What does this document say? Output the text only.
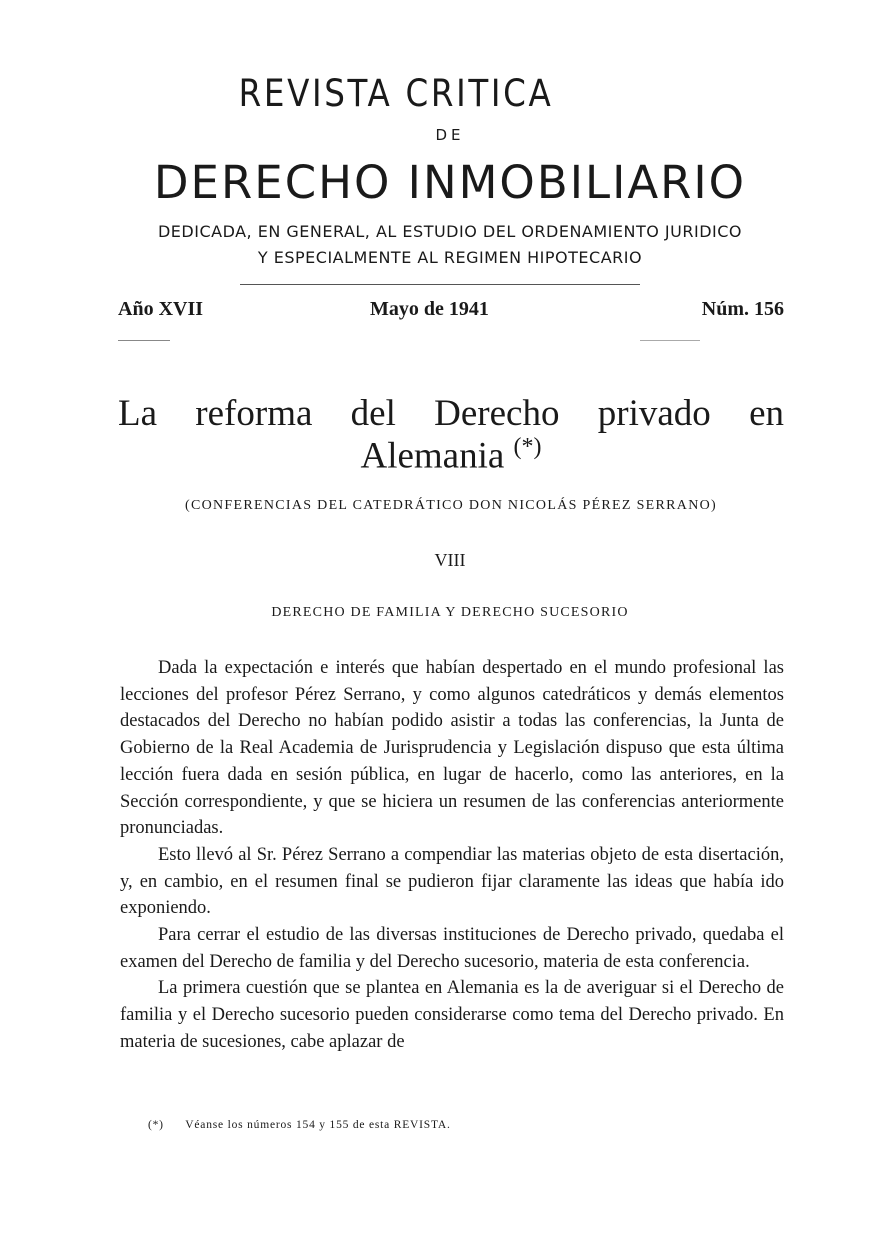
REVISTA CRITICA
DE
DERECHO INMOBILIARIO
DEDICADA, EN GENERAL, AL ESTUDIO DEL ORDENAMIENTO JURIDICO
Y ESPECIALMENTE AL REGIMEN HIPOTECARIO
Año XVII	Mayo de 1941	Núm. 156
La reforma del Derecho privado en
Alemania (*)
(CONFERENCIAS DEL CATEDRÁTICO DON NICOLÁS PÉREZ SERRANO)
VIII
DERECHO DE FAMILIA Y DERECHO SUCESORIO

Dada la expectación e interés que habían despertado en el mundo profesional las lecciones del profesor Pérez Serrano, y como algunos catedráticos y demás elementos destacados del Derecho no habían podido asistir a todas las conferencias, la Junta de Gobierno de la Real Academia de Jurisprudencia y Legislación dispuso que esta última lección fuera dada en sesión pública, en lugar de hacerlo, como las anteriores, en la Sección correspondiente, y que se hiciera un resumen de las conferencias anteriormente pronunciadas.

Esto llevó al Sr. Pérez Serrano a compendiar las materias objeto de esta disertación, y, en cambio, en el resumen final se pudieron fijar claramente las ideas que había ido exponiendo.

Para cerrar el estudio de las diversas instituciones de Derecho privado, quedaba el examen del Derecho de familia y del Derecho sucesorio, materia de esta conferencia.

La primera cuestión que se plantea en Alemania es la de averiguar si el Derecho de familia y el Derecho sucesorio pueden considerarse como tema del Derecho privado. En materia de sucesiones, cabe aplazar de

(*) Véanse los números 154 y 155 de esta REVISTA.
